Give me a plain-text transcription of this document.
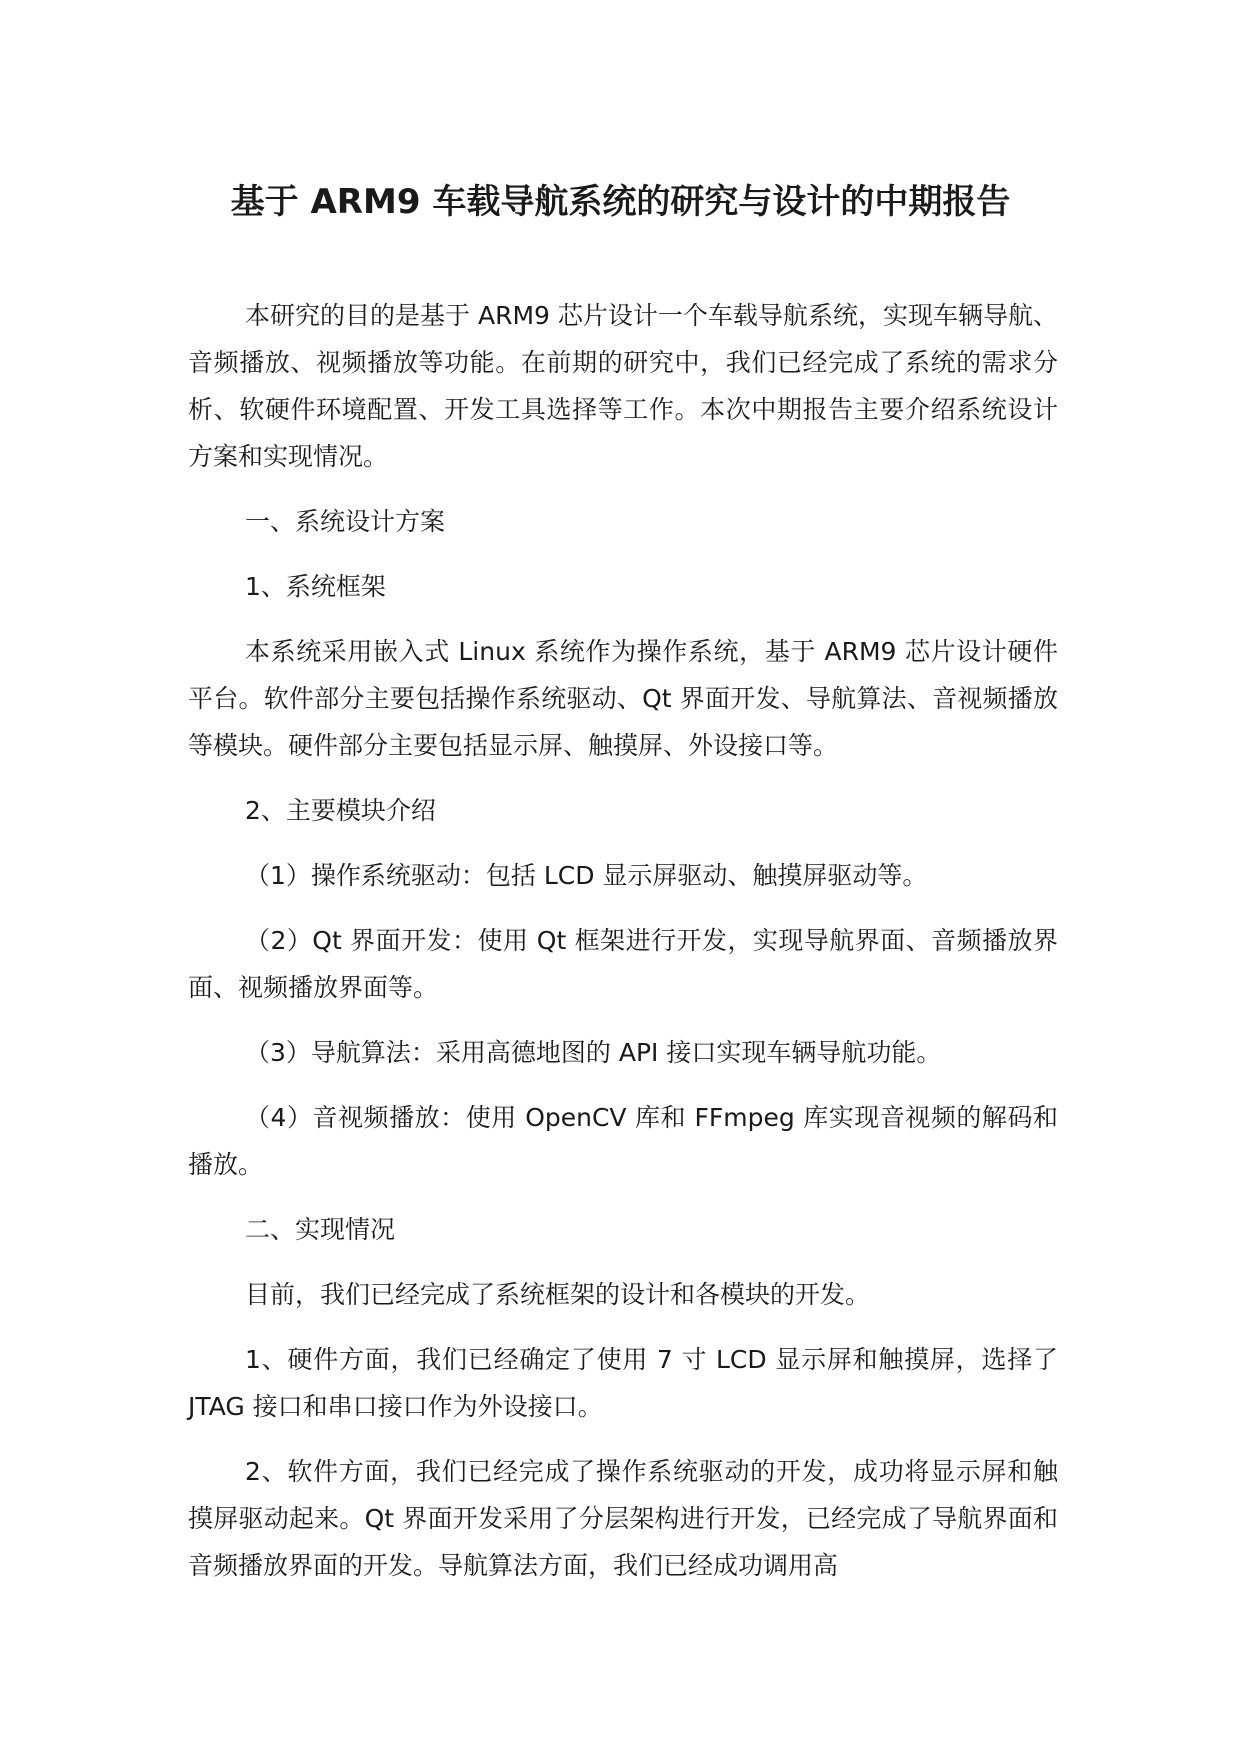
基于 ARM9 车载导航系统的研究与设计的中期报告

本研究的目的是基于 ARM9 芯片设计一个车载导航系统，实现车辆导航、音频播放、视频播放等功能。在前期的研究中，我们已经完成了系统的需求分析、软硬件环境配置、开发工具选择等工作。本次中期报告主要介绍系统设计方案和实现情况。

一、系统设计方案

1、系统框架

本系统采用嵌入式 Linux 系统作为操作系统，基于 ARM9 芯片设计硬件平台。软件部分主要包括操作系统驱动、Qt 界面开发、导航算法、音视频播放等模块。硬件部分主要包括显示屏、触摸屏、外设接口等。

2、主要模块介绍

（1）操作系统驱动：包括 LCD 显示屏驱动、触摸屏驱动等。

（2）Qt 界面开发：使用 Qt 框架进行开发，实现导航界面、音频播放界面、视频播放界面等。

（3）导航算法：采用高德地图的 API 接口实现车辆导航功能。

（4）音视频播放：使用 OpenCV 库和 FFmpeg 库实现音视频的解码和播放。

二、实现情况

目前，我们已经完成了系统框架的设计和各模块的开发。

1、硬件方面，我们已经确定了使用 7 寸 LCD 显示屏和触摸屏，选择了 JTAG 接口和串口接口作为外设接口。

2、软件方面，我们已经完成了操作系统驱动的开发，成功将显示屏和触摸屏驱动起来。Qt 界面开发采用了分层架构进行开发，已经完成了导航界面和音频播放界面的开发。导航算法方面，我们已经成功调用高
